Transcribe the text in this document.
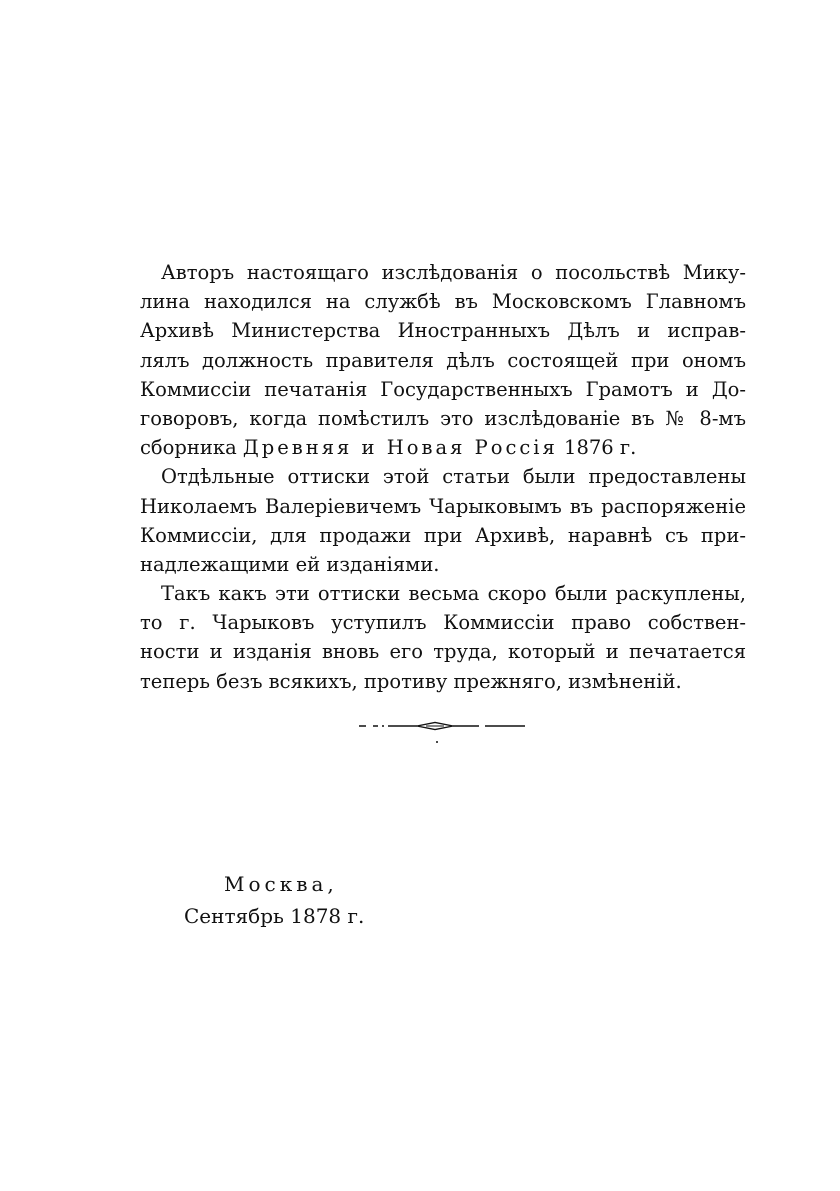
Авторъ настоящаго изслѣдованія о посольствѣ Мику-
лина находился на службѣ въ Московскомъ Главномъ
Архивѣ Министерства Иностранныхъ Дѣлъ и исправ-
лялъ должность правителя дѣлъ состоящей при ономъ
Коммиссіи печатанія Государственныхъ Грамотъ и До-
говоровъ, когда помѣстилъ это изслѣдованіе въ № 8-мъ
сборника Древняя и Новая Россія 1876 г.
Отдѣльные оттиски этой статьи были предоставлены
Николаемъ Валеріевичемъ Чарыковымъ въ распоряженіе
Коммиссіи, для продажи при Архивѣ, наравнѣ съ при-
надлежащими ей изданіями.
Такъ какъ эти оттиски весьма скоро были раскуплены,
то г. Чарыковъ уступилъ Коммиссіи право собствен-
ности и изданія вновь его труда, который и печатается
теперь безъ всякихъ, противу прежняго, измѣненій.
Москва,
Сентябрь 1878 г.
